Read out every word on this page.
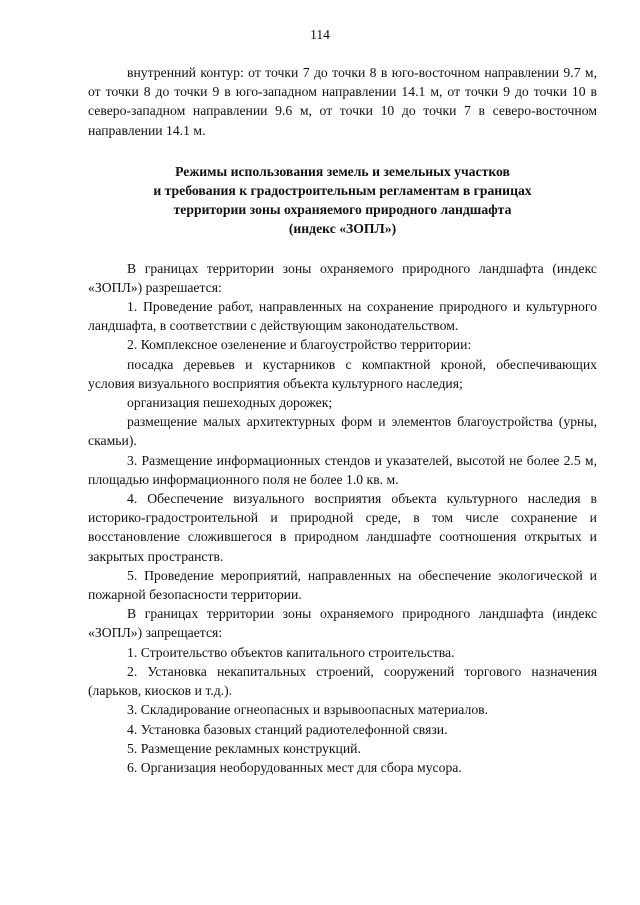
114

внутренний контур: от точки 7 до точки 8 в юго-восточном направлении 9.7 м, от точки 8 до точки 9 в юго-западном направлении 14.1 м, от точки 9 до точки 10 в северо-западном направлении 9.6 м, от точки 10 до точки 7 в северо-восточном направлении 14.1 м.

Режимы использования земель и земельных участков
и требования к градостроительным регламентам в границах
территории зоны охраняемого природного ландшафта
(индекс «ЗОПЛ»)

В границах территории зоны охраняемого природного ландшафта (индекс «ЗОПЛ») разрешается:

1. Проведение работ, направленных на сохранение природного и культурного ландшафта, в соответствии с действующим законодательством.

2. Комплексное озеленение и благоустройство территории:

посадка деревьев и кустарников с компактной кроной, обеспечивающих условия визуального восприятия объекта культурного наследия;

организация пешеходных дорожек;

размещение малых архитектурных форм и элементов благоустройства (урны, скамьи).

3. Размещение информационных стендов и указателей, высотой не более 2.5 м, площадью информационного поля не более 1.0 кв. м.

4. Обеспечение визуального восприятия объекта культурного наследия в историко-градостроительной и природной среде, в том числе сохранение и восстановление сложившегося в природном ландшафте соотношения открытых и закрытых пространств.

5. Проведение мероприятий, направленных на обеспечение экологической и пожарной безопасности территории.

В границах территории зоны охраняемого природного ландшафта (индекс «ЗОПЛ») запрещается:

1. Строительство объектов капитального строительства.

2. Установка некапитальных строений, сооружений торгового назначения (ларьков, киосков и т.д.).

3. Складирование огнеопасных и взрывоопасных материалов.

4. Установка базовых станций радиотелефонной связи.

5. Размещение рекламных конструкций.

6. Организация необорудованных мест для сбора мусора.
